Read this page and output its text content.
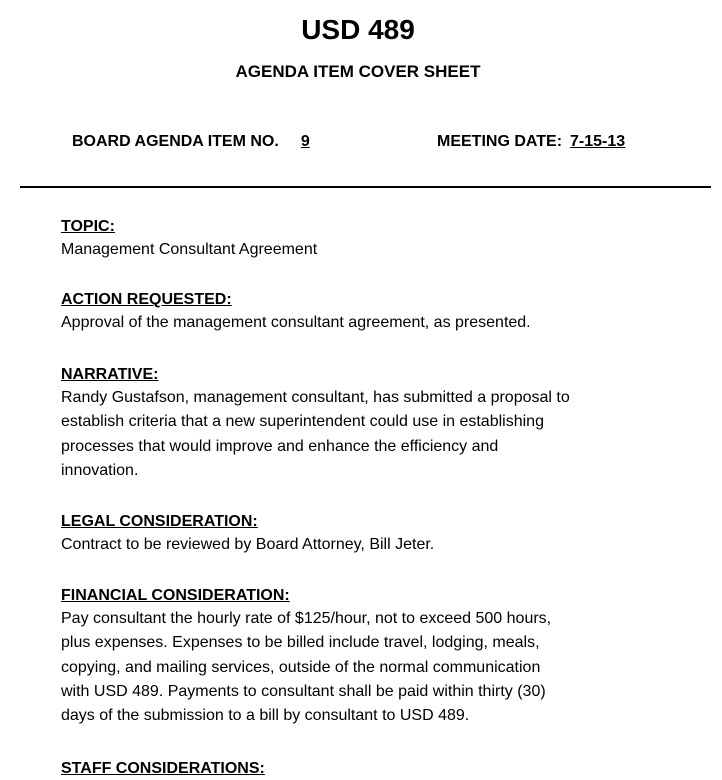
USD 489
AGENDA ITEM COVER SHEET
BOARD AGENDA ITEM NO. 9	MEETING DATE: 7-15-13

TOPIC:

Management Consultant Agreement

ACTION REQUESTED:

Approval of the management consultant agreement, as presented.

NARRATIVE:

Randy Gustafson, management consultant, has submitted a proposal to
establish criteria that a new superintendent could use in establishing
processes that would improve and enhance the efficiency and
innovation.

LEGAL CONSIDERATION:

Contract to be reviewed by Board Attorney, Bill Jeter.

FINANCIAL CONSIDERATION:

Pay consultant the hourly rate of $125/hour, not to exceed 500 hours,
plus expenses. Expenses to be billed include travel, lodging, meals,
copying, and mailing services, outside of the normal communication
with USD 489. Payments to consultant shall be paid within thirty (30)
days of the submission to a bill by consultant to USD 489.

STAFF CONSIDERATIONS:
